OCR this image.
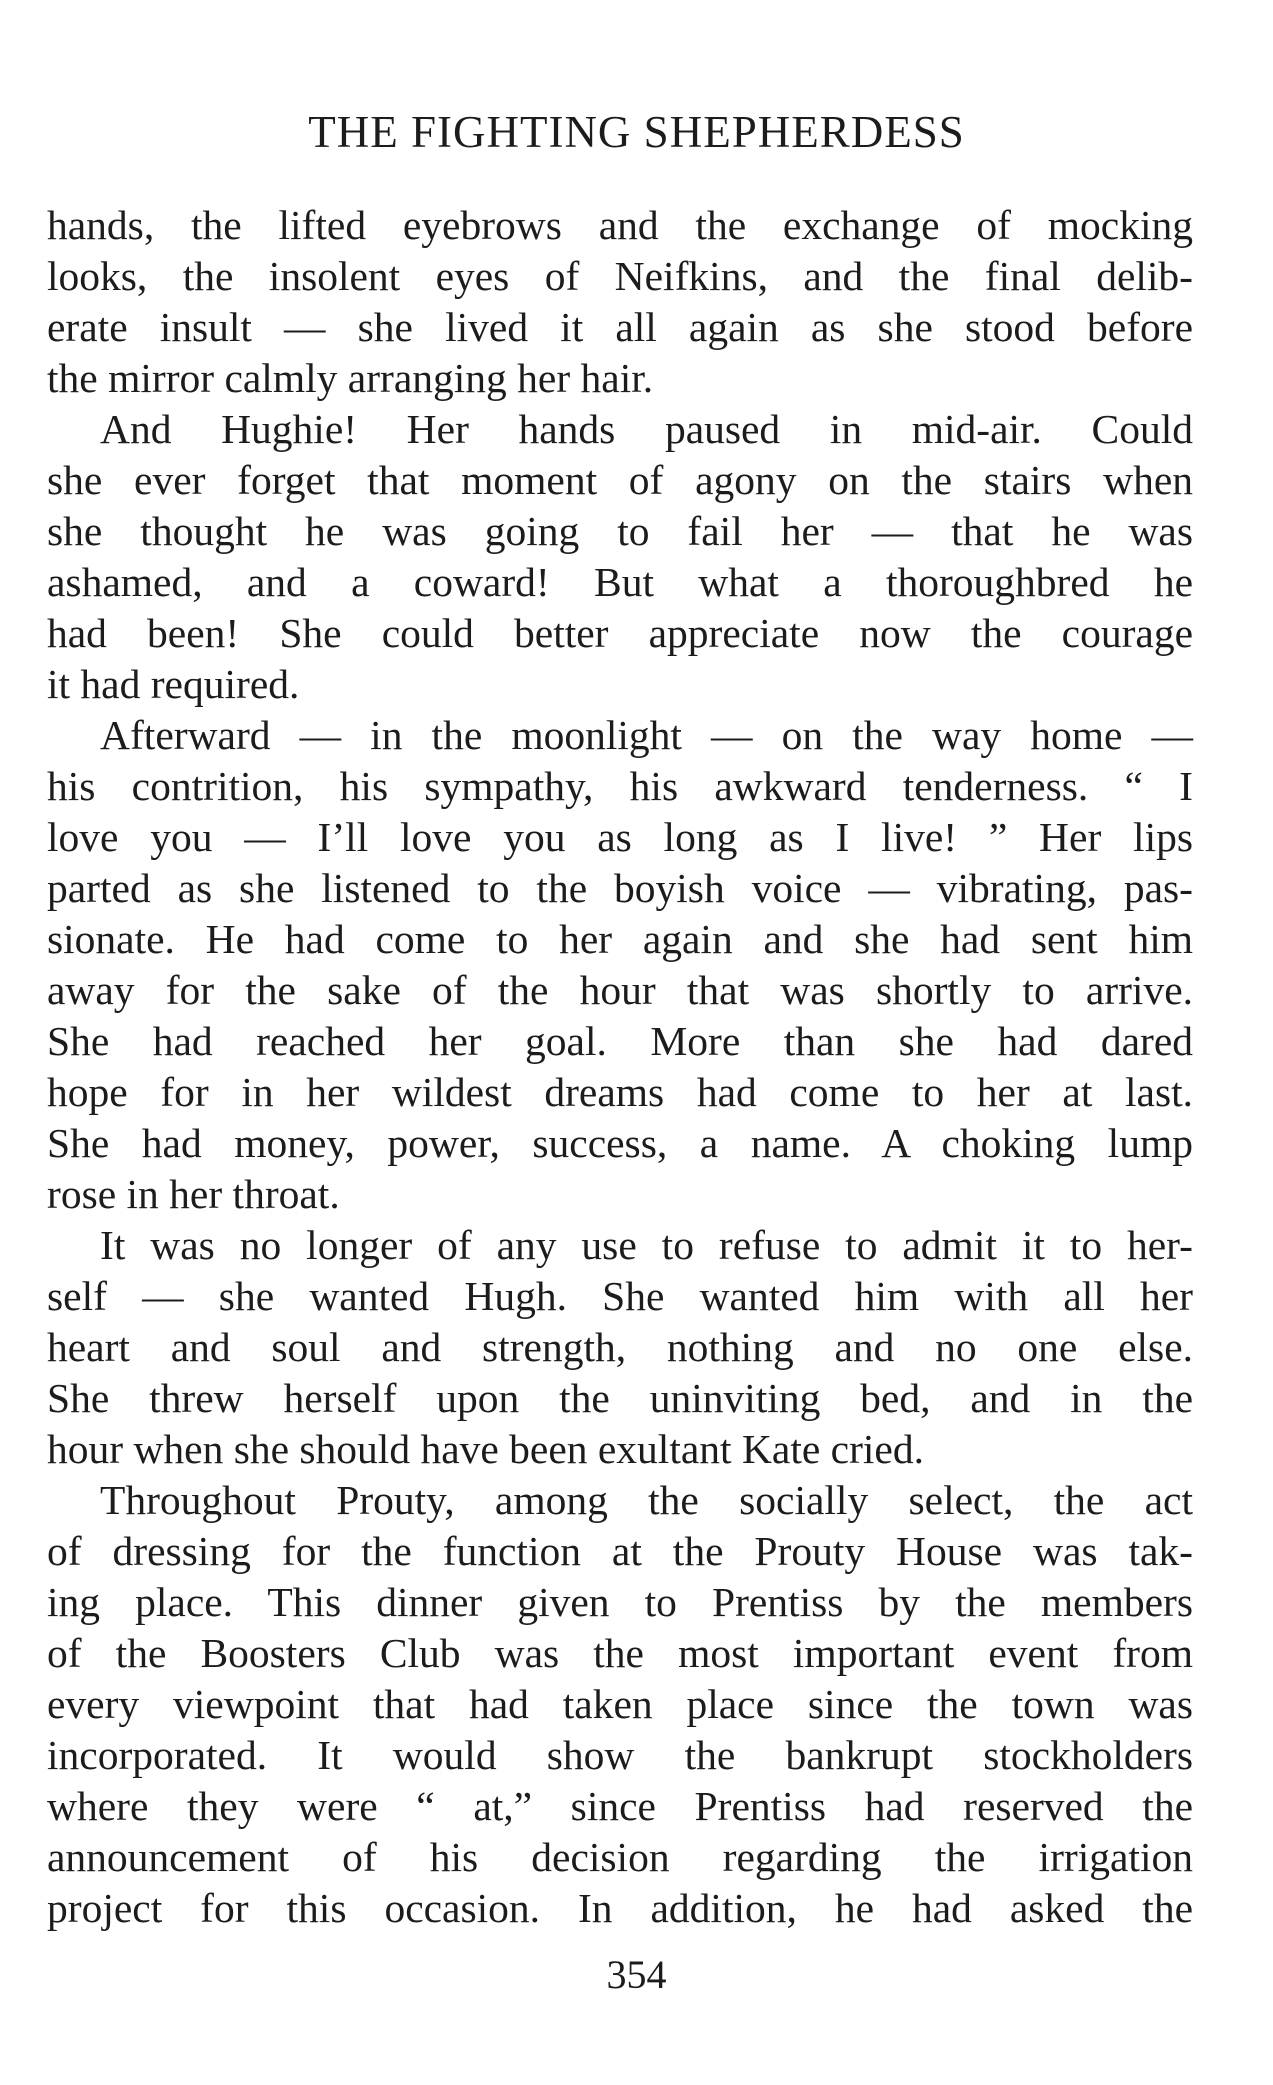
THE FIGHTING SHEPHERDESS
hands, the lifted eyebrows and the exchange of mocking
looks, the insolent eyes of Neifkins, and the final delib-
erate insult — she lived it all again as she stood before
the mirror calmly arranging her hair.
And Hughie! Her hands paused in mid-air. Could
she ever forget that moment of agony on the stairs when
she thought he was going to fail her — that he was
ashamed, and a coward! But what a thoroughbred he
had been! She could better appreciate now the courage
it had required.
Afterward — in the moonlight — on the way home —
his contrition, his sympathy, his awkward tenderness. “ I
love you — I’ll love you as long as I live! ” Her lips
parted as she listened to the boyish voice — vibrating, pas-
sionate. He had come to her again and she had sent him
away for the sake of the hour that was shortly to arrive.
She had reached her goal. More than she had dared
hope for in her wildest dreams had come to her at last.
She had money, power, success, a name. A choking lump
rose in her throat.
It was no longer of any use to refuse to admit it to her-
self — she wanted Hugh. She wanted him with all her
heart and soul and strength, nothing and no one else.
She threw herself upon the uninviting bed, and in the
hour when she should have been exultant Kate cried.
Throughout Prouty, among the socially select, the act
of dressing for the function at the Prouty House was tak-
ing place. This dinner given to Prentiss by the members
of the Boosters Club was the most important event from
every viewpoint that had taken place since the town was
incorporated. It would show the bankrupt stockholders
where they were “ at,” since Prentiss had reserved the
announcement of his decision regarding the irrigation
project for this occasion. In addition, he had asked the
354
